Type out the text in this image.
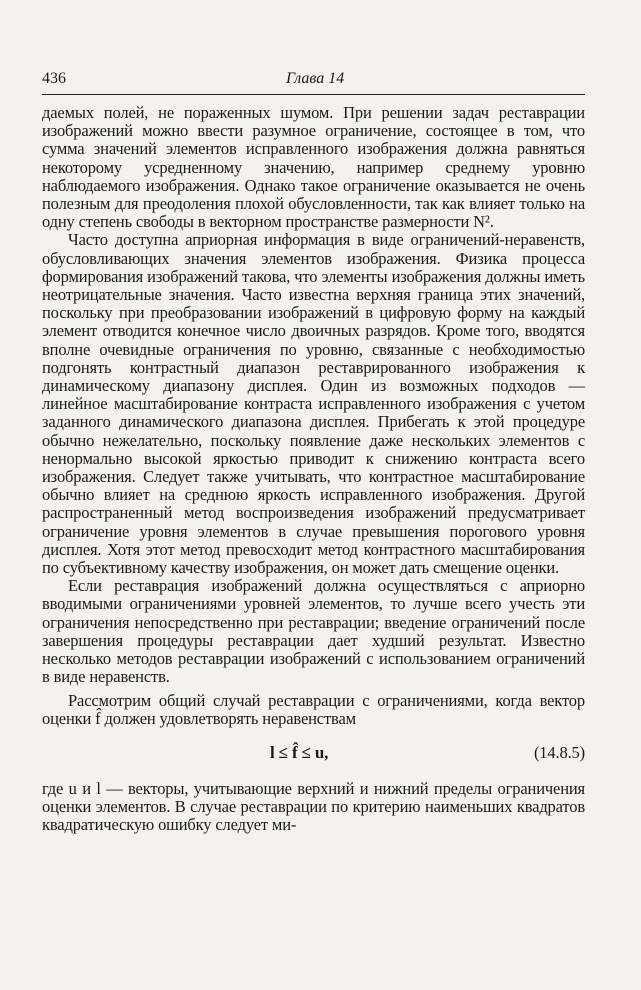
436	Глава 14

даемых полей, не пораженных шумом. При решении задач реставрации изображений можно ввести разумное ограничение, состоящее в том, что сумма значений элементов исправленного изображения должна равняться некоторому усредненному значению, например среднему уровню наблюдаемого изображения. Однако такое ограничение оказывается не очень полезным для преодоления плохой обусловленности, так как влияет только на одну степень свободы в векторном пространстве размерности N².

Часто доступна априорная информация в виде ограничений-неравенств, обусловливающих значения элементов изображения. Физика процесса формирования изображений такова, что элементы изображения должны иметь неотрицательные значения. Часто известна верхняя граница этих значений, поскольку при преобразовании изображений в цифровую форму на каждый элемент отводится конечное число двоичных разрядов. Кроме того, вводятся вполне очевидные ограничения по уровню, связанные с необходимостью подгонять контрастный диапазон реставрированного изображения к динамическому диапазону дисплея. Один из возможных подходов — линейное масштабирование контраста исправленного изображения с учетом заданного динамического диапазона дисплея. Прибегать к этой процедуре обычно нежелательно, поскольку появление даже нескольких элементов с ненормально высокой яркостью приводит к снижению контраста всего изображения. Следует также учитывать, что контрастное масштабирование обычно влияет на среднюю яркость исправленного изображения. Другой распространенный метод воспроизведения изображений предусматривает ограничение уровня элементов в случае превышения порогового уровня дисплея. Хотя этот метод превосходит метод контрастного масштабирования по субъективному качеству изображения, он может дать смещение оценки.

Если реставрация изображений должна осуществляться с априорно вводимыми ограничениями уровней элементов, то лучше всего учесть эти ограничения непосредственно при реставрации; введение ограничений после завершения процедуры реставрации дает худший результат. Известно несколько методов реставрации изображений с использованием ограничений в виде неравенств.

Рассмотрим общий случай реставрации с ограничениями, когда вектор оценки f̂ должен удовлетворять неравенствам

l ≤ f̂ ≤ u,	(14.8.5)

где u и l — векторы, учитывающие верхний и нижний пределы ограничения оценки элементов. В случае реставрации по критерию наименьших квадратов квадратическую ошибку следует ми-
